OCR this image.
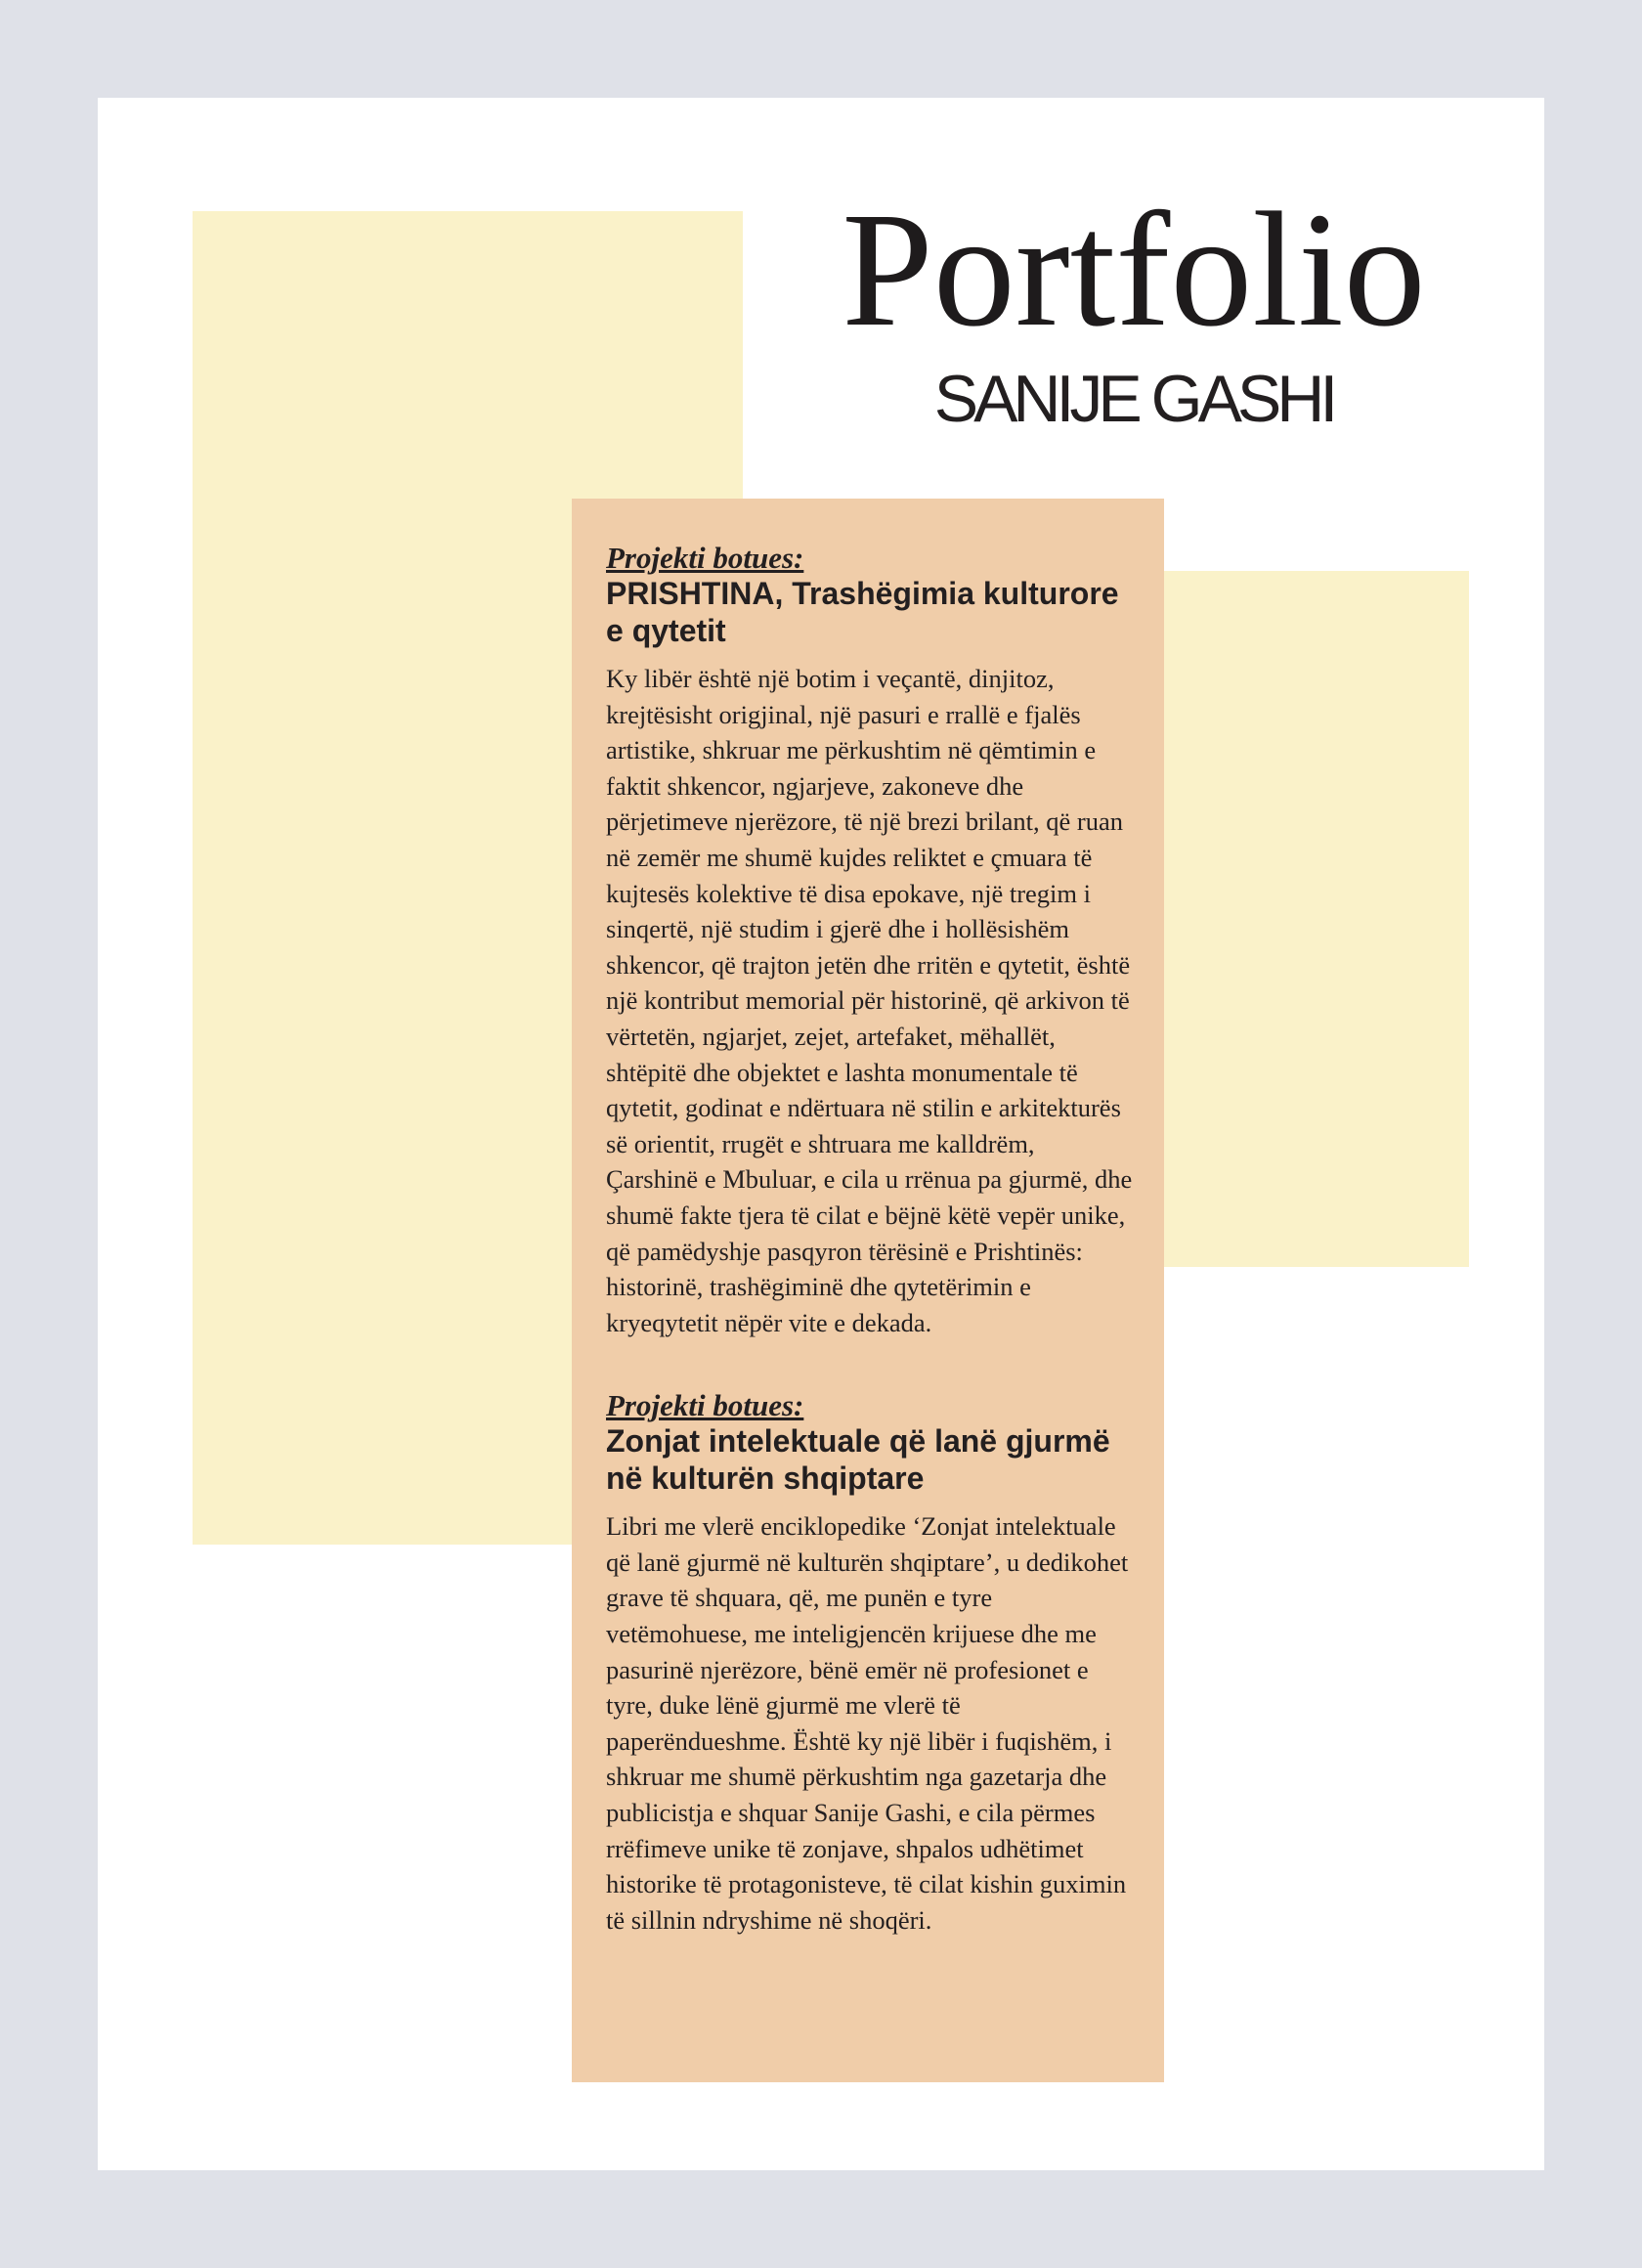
Portfolio
SANIJE GASHI

Projekti botues:

PRISHTINA, Trashëgimia kulturore e qytetit

Ky libër është një botim i veçantë, dinjitoz, krejtësisht origjinal, një pasuri e rrallë e fjalës artistike, shkruar me përkushtim në qëmtimin e faktit shkencor, ngjarjeve, zakoneve dhe përjetimeve njerëzore, të një brezi brilant, që ruan në zemër me shumë kujdes reliktet e çmuara të kujtesës kolektive të disa epokave, një tregim i sinqertë, një studim i gjerë dhe i hollësishëm shkencor, që trajton jetën dhe rritën e qytetit, është një kontribut memorial për historinë, që arkivon të vërtetën, ngjarjet, zejet, artefaket, mëhallët, shtëpitë dhe objektet e lashta monumentale të qytetit, godinat e ndërtuara në stilin e arkitekturës së orientit, rrugët e shtruara me kalldrëm, Çarshinë e Mbuluar, e cila u rrënua pa gjurmë, dhe shumë fakte tjera të cilat e bëjnë këtë vepër unike, që pamëdyshje pasqyron tërësinë e Prishtinës: historinë, trashëgiminë dhe qytetërimin e kryeqytetit nëpër vite e dekada.

Projekti botues:

Zonjat intelektuale që lanë gjurmë në kulturën shqiptare

Libri me vlerë enciklopedike ‘Zonjat intelektuale që lanë gjurmë në kulturën shqiptare’, u dedikohet grave të shquara, që, me punën e tyre vetëmohuese, me inteligjencën krijuese dhe me pasurinë njerëzore, bënë emër në profesionet e tyre, duke lënë gjurmë me vlerë të paperëndueshme. Është ky një libër i fuqishëm, i shkruar me shumë përkushtim nga gazetarja dhe publicistja e shquar Sanije Gashi, e cila përmes rrëfimeve unike të zonjave, shpalos udhëtimet historike të protagonisteve, të cilat kishin guximin të sillnin ndryshime në shoqëri.
